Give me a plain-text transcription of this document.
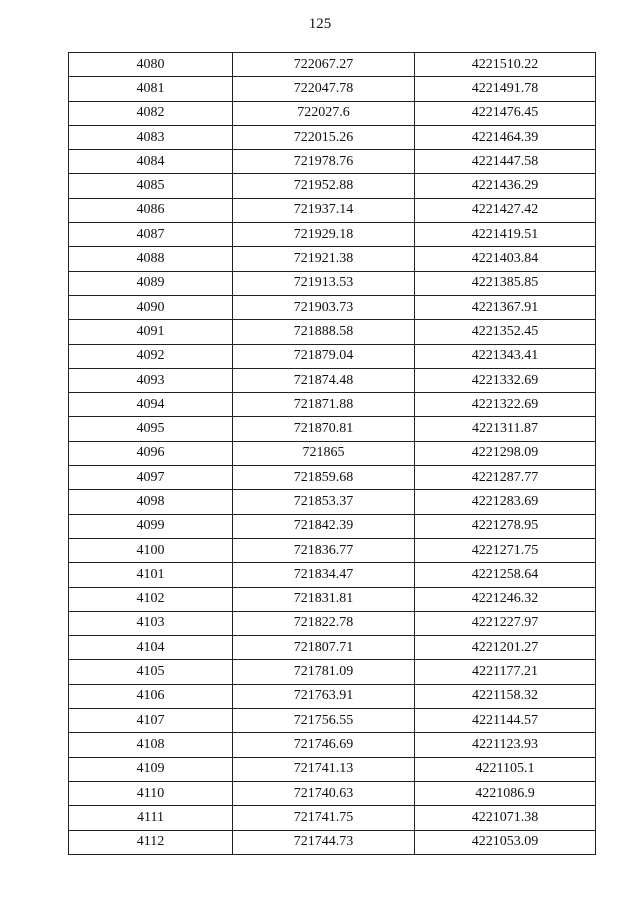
125
4080	722067.27	4221510.22
4081	722047.78	4221491.78
4082	722027.6	4221476.45
4083	722015.26	4221464.39
4084	721978.76	4221447.58
4085	721952.88	4221436.29
4086	721937.14	4221427.42
4087	721929.18	4221419.51
4088	721921.38	4221403.84
4089	721913.53	4221385.85
4090	721903.73	4221367.91
4091	721888.58	4221352.45
4092	721879.04	4221343.41
4093	721874.48	4221332.69
4094	721871.88	4221322.69
4095	721870.81	4221311.87
4096	721865	4221298.09
4097	721859.68	4221287.77
4098	721853.37	4221283.69
4099	721842.39	4221278.95
4100	721836.77	4221271.75
4101	721834.47	4221258.64
4102	721831.81	4221246.32
4103	721822.78	4221227.97
4104	721807.71	4221201.27
4105	721781.09	4221177.21
4106	721763.91	4221158.32
4107	721756.55	4221144.57
4108	721746.69	4221123.93
4109	721741.13	4221105.1
4110	721740.63	4221086.9
4111	721741.75	4221071.38
4112	721744.73	4221053.09
